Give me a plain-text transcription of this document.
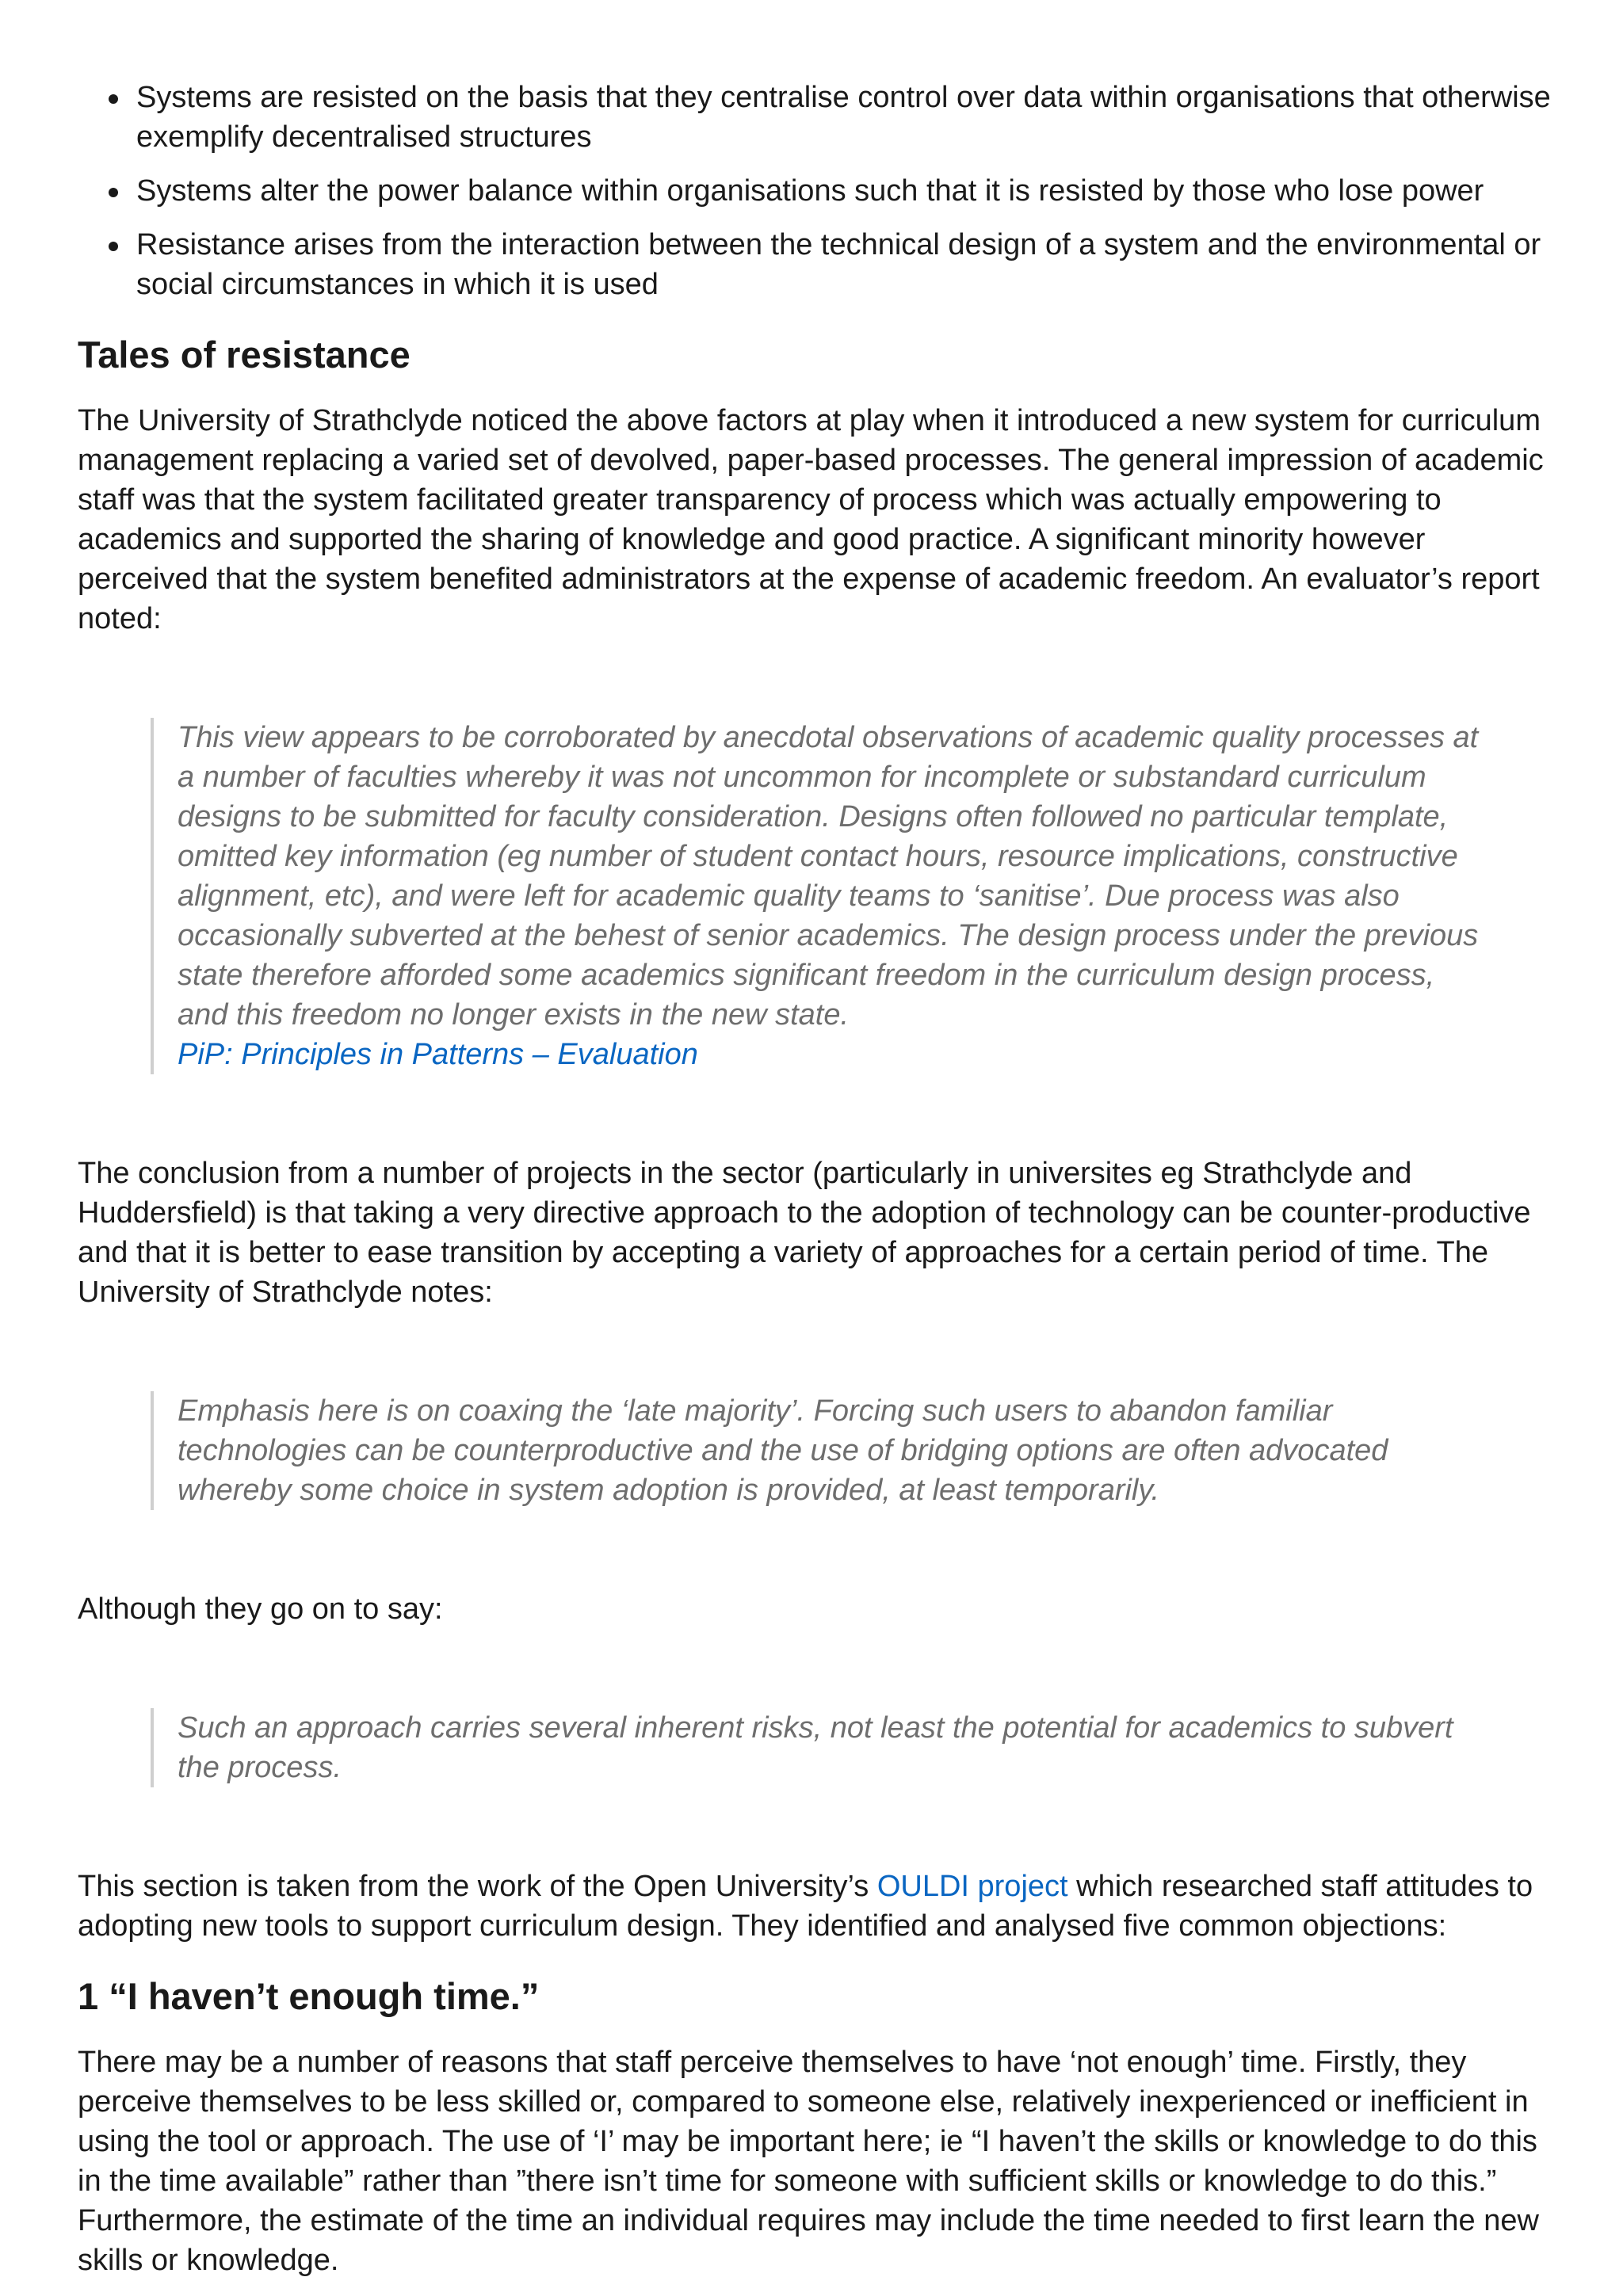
Systems are resisted on the basis that they centralise control over data within organisations that otherwise exemplify decentralised structures
Systems alter the power balance within organisations such that it is resisted by those who lose power
Resistance arises from the interaction between the technical design of a system and the environmental or social circumstances in which it is used
Tales of resistance

The University of Strathclyde noticed the above factors at play when it introduced a new system for curriculum management replacing a varied set of devolved, paper-based processes. The general impression of academic staff was that the system facilitated greater transparency of process which was actually empowering to academics and supported the sharing of knowledge and good practice. A significant minority however perceived that the system benefited administrators at the expense of academic freedom. An evaluator’s report noted:

This view appears to be corroborated by anecdotal observations of academic quality processes at a number of faculties whereby it was not uncommon for incomplete or substandard curriculum designs to be submitted for faculty consideration. Designs often followed no particular template, omitted key information (eg number of student contact hours, resource implications, constructive alignment, etc), and were left for academic quality teams to ‘sanitise’. Due process was also occasionally subverted at the behest of senior academics. The design process under the previous state therefore afforded some academics significant freedom in the curriculum design process, and this freedom no longer exists in the new state.
PiP: Principles in Patterns – Evaluation

The conclusion from a number of projects in the sector (particularly in universites eg Strathclyde and Huddersfield) is that taking a very directive approach to the adoption of technology can be counter-productive and that it is better to ease transition by accepting a variety of approaches for a certain period of time. The University of Strathclyde notes:

Emphasis here is on coaxing the ‘late majority’. Forcing such users to abandon familiar technologies can be counterproductive and the use of bridging options are often advocated whereby some choice in system adoption is provided, at least temporarily.

Although they go on to say:

Such an approach carries several inherent risks, not least the potential for academics to subvert the process.

This section is taken from the work of the Open University’s OULDI project which researched staff attitudes to adopting new tools to support curriculum design. They identified and analysed five common objections:

1 “I haven’t enough time.”

There may be a number of reasons that staff perceive themselves to have ‘not enough’ time. Firstly, they perceive themselves to be less skilled or, compared to someone else, relatively inexperienced or inefficient in using the tool or approach. The use of ‘I’ may be important here; ie “I haven’t the skills or knowledge to do this in the time available” rather than ”there isn’t time for someone with sufficient skills or knowledge to do this.” Furthermore, the estimate of the time an individual requires may include the time needed to first learn the new skills or knowledge.
